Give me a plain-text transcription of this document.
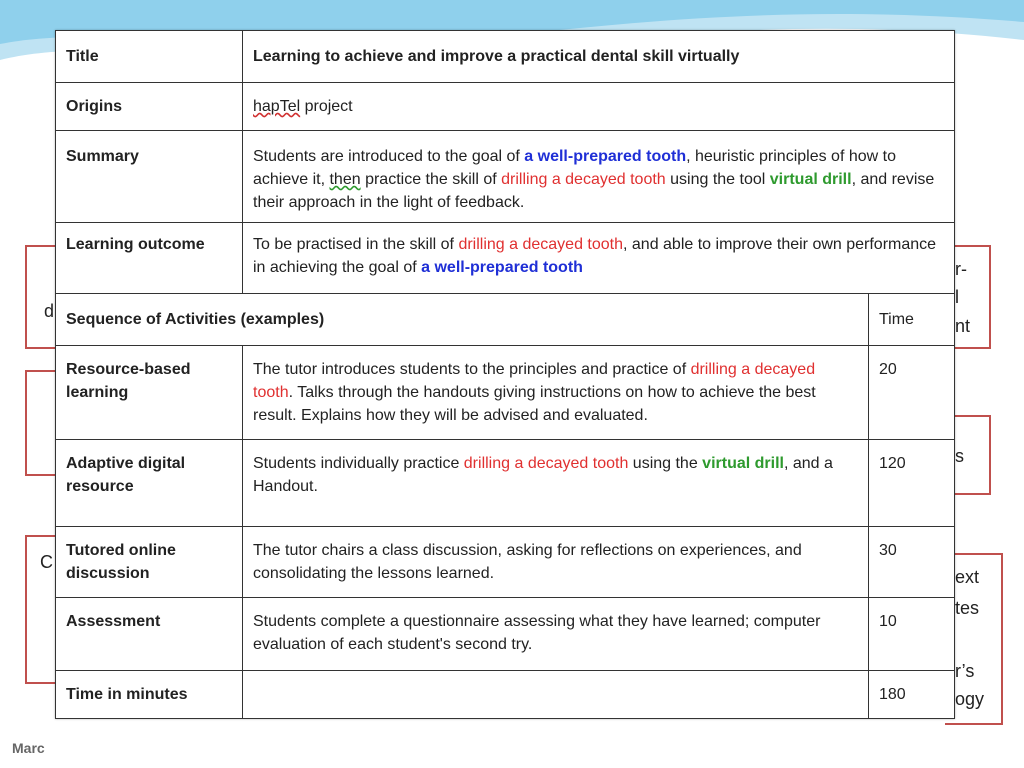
d
C
r-
l
nt
s
ext
tes
r’s
ogy
Marc
Title	Learning to achieve and improve a practical dental skill virtually	
Origins	hapTel project	
Summary	Students are introduced to the goal of a well-prepared tooth, heuristic principles of how to achieve it, then practice the skill of drilling a decayed tooth using the tool virtual drill, and revise their approach in the light of feedback.	
Learning outcome	To be practised in the skill of drilling a decayed tooth, and able to improve their own performance in achieving the goal of a well-prepared tooth	
Sequence of Activities (examples)		Time
Resource-based learning	The tutor introduces students to the principles and practice of drilling a decayed tooth. Talks through the handouts giving instructions on how to achieve the best result. Explains how they will be advised and evaluated.	20
Adaptive digital resource	Students individually practice drilling a decayed tooth using the virtual drill, and a Handout.	120
Tutored online discussion	The tutor chairs a class discussion, asking for reflections on experiences, and consolidating the lessons learned.	30
Assessment	Students complete a questionnaire assessing what they have learned; computer evaluation of each student's second try.	10
Time in minutes		180
